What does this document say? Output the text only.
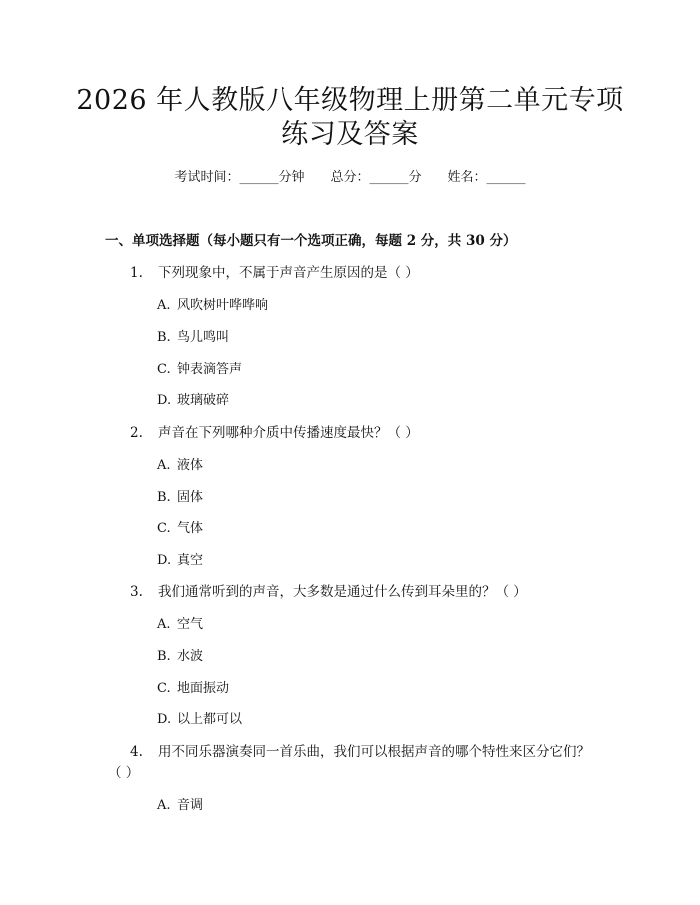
2026 年人教版八年级物理上册第二单元专项
练习及答案
考试时间：______分钟 总分：______分 姓名：______
一、单项选择题（每小题只有一个选项正确，每题 2 分，共 30 分）
1. 下列现象中，不属于声音产生原因的是（ ）
A. 风吹树叶哗哗响
B. 鸟儿鸣叫
C. 钟表滴答声
D. 玻璃破碎
2. 声音在下列哪种介质中传播速度最快？（ ）
A. 液体
B. 固体
C. 气体
D. 真空
3. 我们通常听到的声音，大多数是通过什么传到耳朵里的？（ ）
A. 空气
B. 水波
C. 地面振动
D. 以上都可以
4. 用不同乐器演奏同一首乐曲，我们可以根据声音的哪个特性来区分它们？
（ ）
A. 音调
